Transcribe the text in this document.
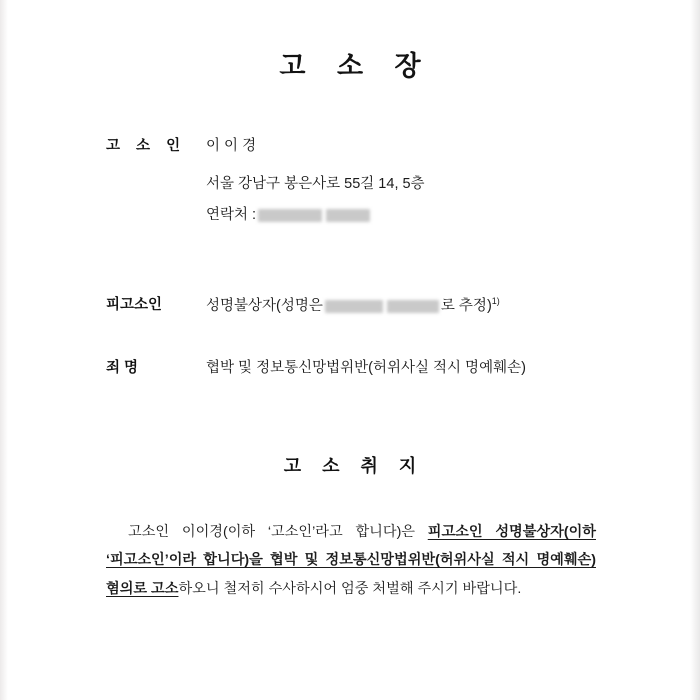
고 소 장
고 소 인	이 이 경
서울 강남구 봉은사로 55길 14, 5층
연락처 :
피고소인	성명불상자(성명은	로 추정)$^{1)}$
죄 명	협박 및 정보통신망법위반(허위사실 적시 명예훼손)
고 소 취 지
고소인 이이경(이하 ‘고소인’라고 합니다)은 피고소인 성명불상자(이하 ‘피고소인’이라 합니다)을 협박 및 정보통신망법위반(허위사실 적시 명예훼손) 혐의로 고소하오니 철저히 수사하시어 엄중 처벌해 주시기 바랍니다.
